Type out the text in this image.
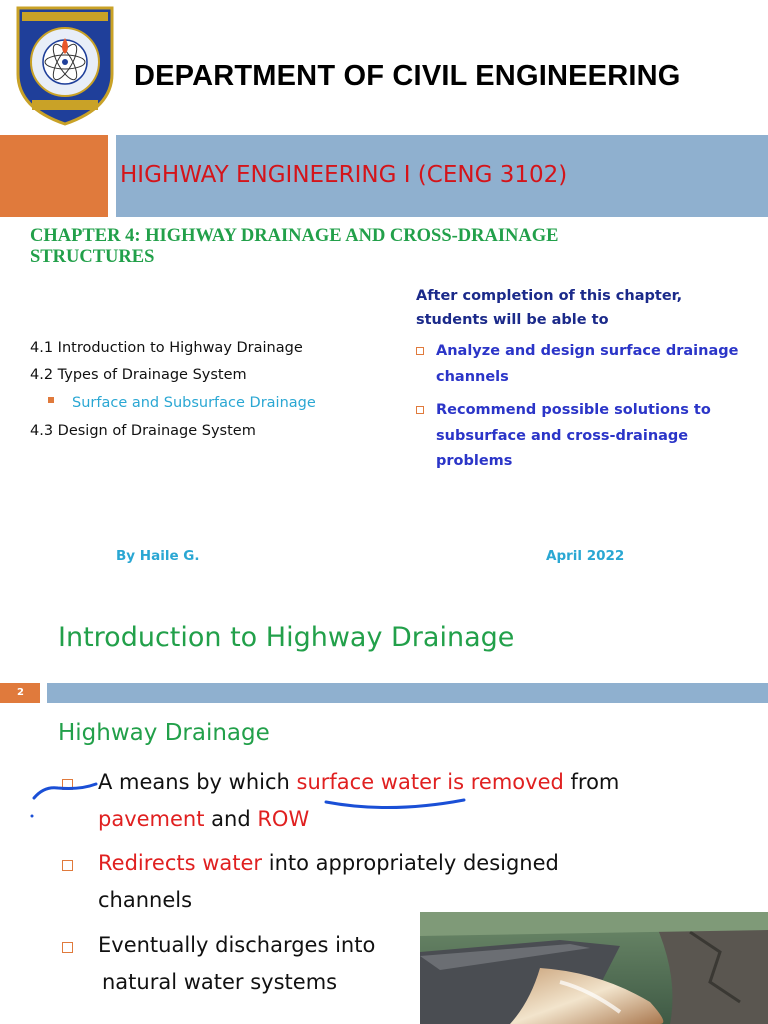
DEPARTMENT OF CIVIL ENGINEERING
HIGHWAY ENGINEERING I (CENG 3102)
CHAPTER 4: HIGHWAY DRAINAGE AND CROSS-DRAINAGE STRUCTURES
4.1 Introduction to Highway Drainage
4.2 Types of Drainage System
Surface and Subsurface Drainage
4.3 Design of Drainage System
After completion of this chapter, students will be able to
Analyze and design surface drainage channels
Recommend possible solutions to subsurface and cross-drainage problems
By Haile G.	April 2022
Introduction to Highway Drainage
2
Highway Drainage
A means by which surface water is removed from
pavement and ROW
Redirects water into appropriately designed
channels
Eventually discharges into
natural water systems
